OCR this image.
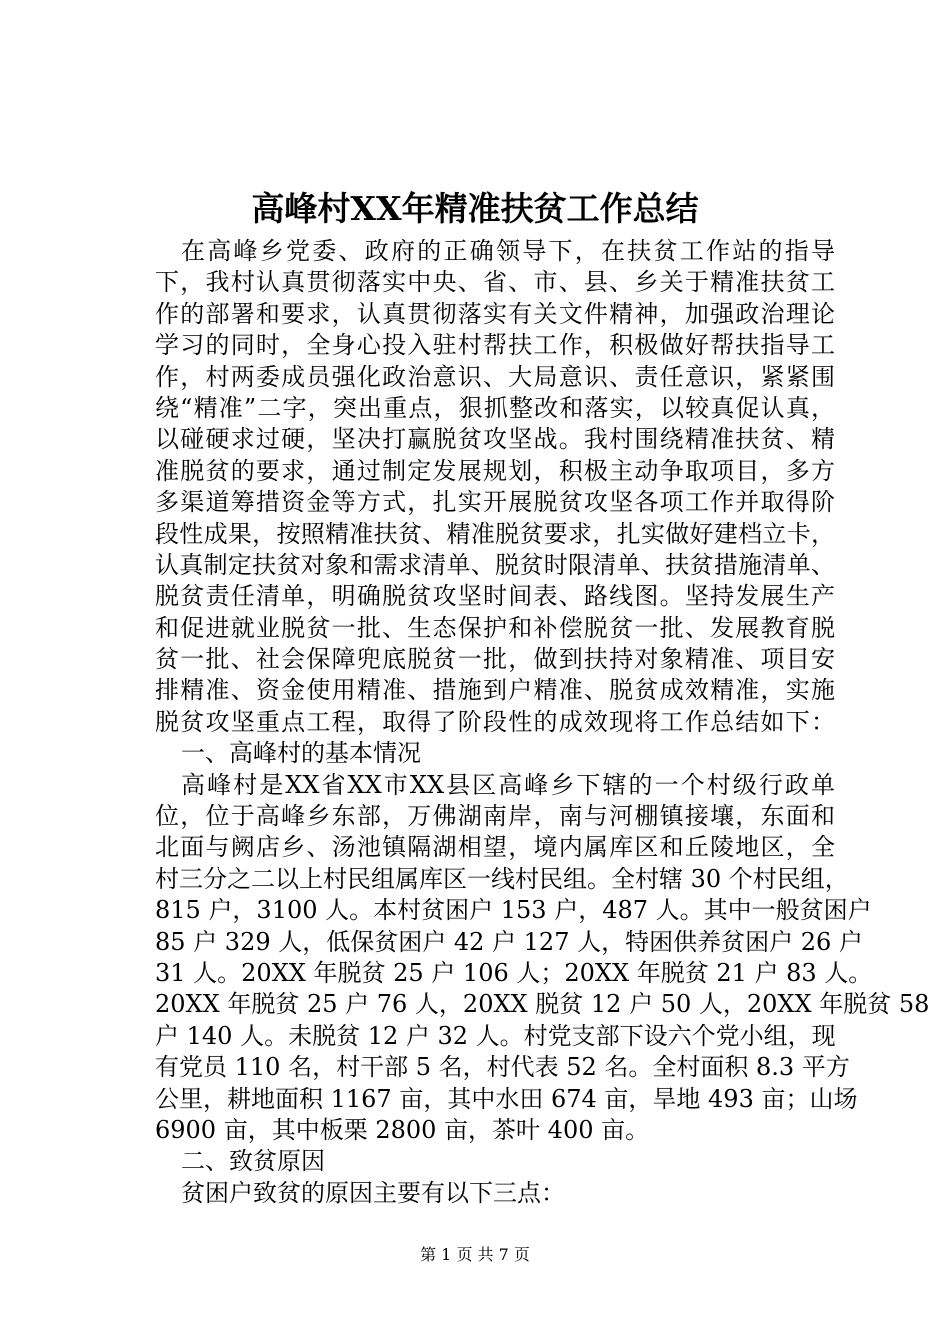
高峰村XX年精准扶贫工作总结
在高峰乡党委、政府的正确领导下，在扶贫工作站的指导
下，我村认真贯彻落实中央、省、市、县、乡关于精准扶贫工
作的部署和要求，认真贯彻落实有关文件精神，加强政治理论
学习的同时，全身心投入驻村帮扶工作，积极做好帮扶指导工
作，村两委成员强化政治意识、大局意识、责任意识，紧紧围
绕“精准”二字，突出重点，狠抓整改和落实，以较真促认真，
以碰硬求过硬，坚决打赢脱贫攻坚战。我村围绕精准扶贫、精
准脱贫的要求，通过制定发展规划，积极主动争取项目，多方
多渠道筹措资金等方式，扎实开展脱贫攻坚各项工作并取得阶
段性成果，按照精准扶贫、精准脱贫要求，扎实做好建档立卡，
认真制定扶贫对象和需求清单、脱贫时限清单、扶贫措施清单、
脱贫责任清单，明确脱贫攻坚时间表、路线图。坚持发展生产
和促进就业脱贫一批、生态保护和补偿脱贫一批、发展教育脱
贫一批、社会保障兜底脱贫一批，做到扶持对象精准、项目安
排精准、资金使用精准、措施到户精准、脱贫成效精准，实施
脱贫攻坚重点工程，取得了阶段性的成效现将工作总结如下：
一、高峰村的基本情况
高峰村是XX省XX市XX县区高峰乡下辖的一个村级行政单
位，位于高峰乡东部，万佛湖南岸，南与河棚镇接壤，东面和
北面与阙店乡、汤池镇隔湖相望，境内属库区和丘陵地区，全
村三分之二以上村民组属库区一线村民组。全村辖 30 个村民组，
815 户，3100 人。本村贫困户 153 户，487 人。其中一般贫困户
85 户 329 人，低保贫困户 42 户 127 人，特困供养贫困户 26 户
31 人。20XX 年脱贫 25 户 106 人；20XX 年脱贫 21 户 83 人。
20XX 年脱贫 25 户 76 人，20XX 脱贫 12 户 50 人，20XX 年脱贫 58
户 140 人。未脱贫 12 户 32 人。村党支部下设六个党小组，现
有党员 110 名，村干部 5 名，村代表 52 名。全村面积 8.3 平方
公里，耕地面积 1167 亩，其中水田 674 亩，旱地 493 亩；山场
6900 亩，其中板栗 2800 亩，茶叶 400 亩。
二、致贫原因
贫困户致贫的原因主要有以下三点：
第 1 页 共 7 页
